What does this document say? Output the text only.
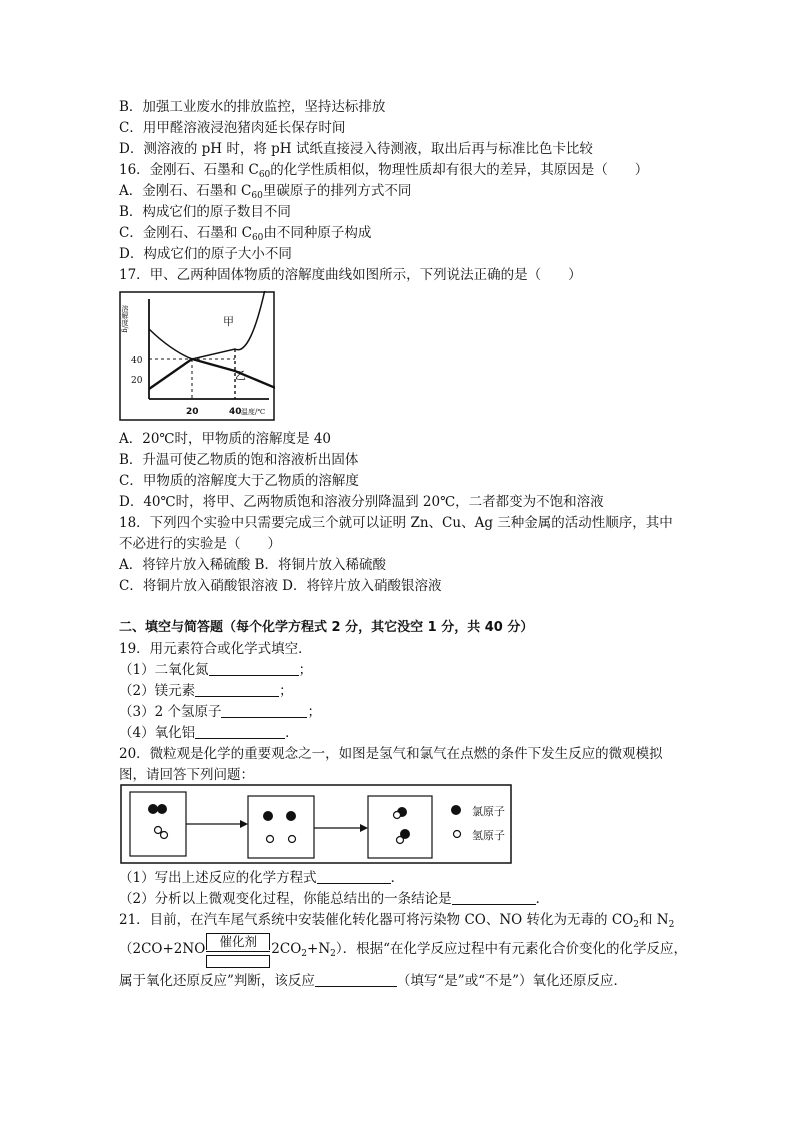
B．加强工业废水的排放监控，坚持达标排放
C．用甲醛溶液浸泡猪肉延长保存时间
D．测溶液的 pH 时，将 pH 试纸直接浸入待测液，取出后再与标准比色卡比较
16．金刚石、石墨和 $C_{60}$的化学性质相似，物理性质却有很大的差异，其原因是（　　）
A．金刚石、石墨和 $C_{60}$里碳原子的排列方式不同
B．构成它们的原子数目不同
C．金刚石、石墨和 $C_{60}$由不同种原子构成
D．构成它们的原子大小不同
17．甲、乙两种固体物质的溶解度曲线如图所示，下列说法正确的是（　　）
甲
乙
20
40
20	40
溶解度/g
温度/℃
A．20℃时，甲物质的溶解度是 40
B．升温可使乙物质的饱和溶液析出固体
C．甲物质的溶解度大于乙物质的溶解度
D．40℃时，将甲、乙两物质饱和溶液分别降温到 20℃，二者都变为不饱和溶液
18．下列四个实验中只需要完成三个就可以证明 Zn、Cu、Ag 三种金属的活动性顺序，其中
不必进行的实验是（　　）
A．将锌片放入稀硫酸 B．将铜片放入稀硫酸
C．将铜片放入硝酸银溶液 D．将锌片放入硝酸银溶液
二、填空与简答题（每个化学方程式 2 分，其它没空 1 分，共 40 分）
19．用元素符合或化学式填空．
（1）二氧化氮	；
（2）镁元素	；
（3）2 个氢原子	；
（4）氧化铝	．
20．微粒观是化学的重要观念之一，如图是氢气和氯气在点燃的条件下发生反应的微观模拟
图，请回答下列问题：
氯原子
氢原子
（1）写出上述反应的化学方程式	．
（2）分析以上微观变化过程，你能总结出的一条结论是	．
21．目前，在汽车尾气系统中安装催化转化器可将污染物 CO、NO 转化为无毒的 $CO_2$和 $N_2$
（2CO+2NO	催化剂	$2CO_2+N_2$）．根据“在化学反应过程中有元素化合价变化的化学反应，
属于氧化还原反应”判断，该反应	（填写“是”或“不是”）氧化还原反应．
